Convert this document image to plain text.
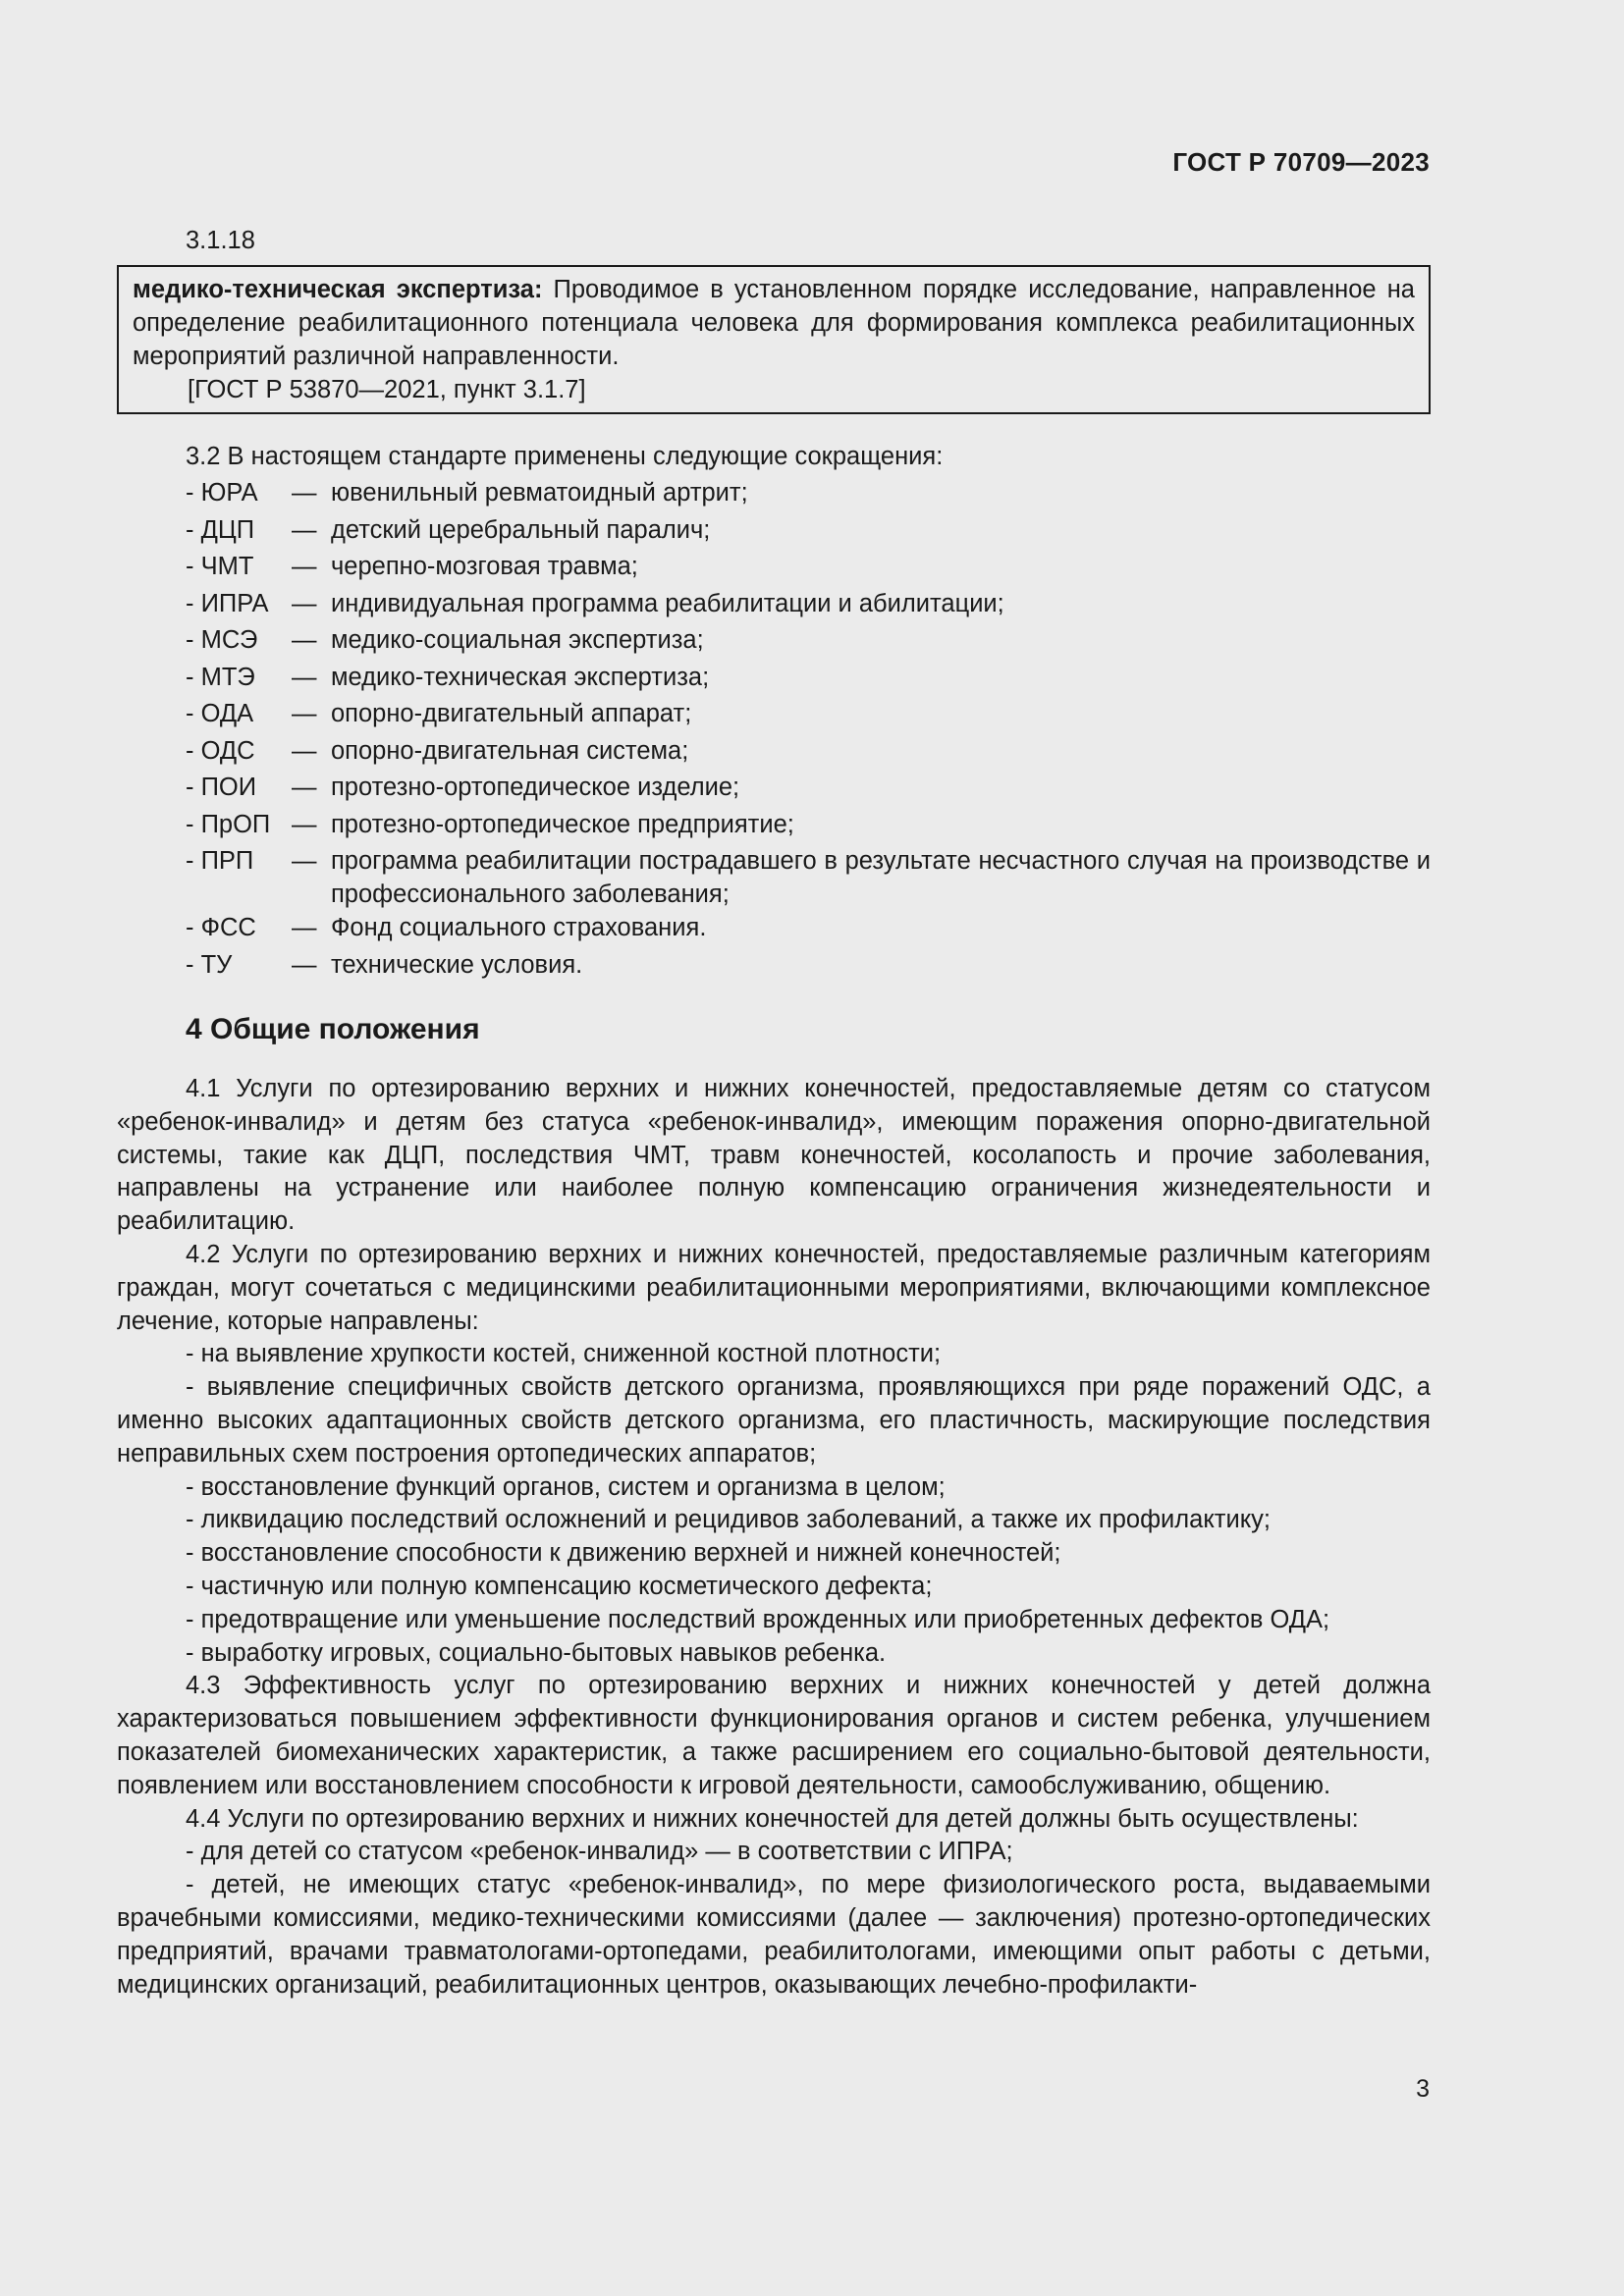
ГОСТ Р 70709—2023
3.1.18
медико-техническая экспертиза: Проводимое в установленном порядке исследование, направленное на определение реабилитационного потенциала человека для формирования комплекса реабилитационных мероприятий различной направленности.
[ГОСТ Р 53870—2021, пункт 3.1.7]
3.2 В настоящем стандарте применены следующие сокращения:
- ЮРА	—	ювенильный ревматоидный артрит;
- ДЦП	—	детский церебральный паралич;
- ЧМТ	—	черепно-мозговая травма;
- ИПРА	—	индивидуальная программа реабилитации и абилитации;
- МСЭ	—	медико-социальная экспертиза;
- МТЭ	—	медико-техническая экспертиза;
- ОДА	—	опорно-двигательный аппарат;
- ОДС	—	опорно-двигательная система;
- ПОИ	—	протезно-ортопедическое изделие;
- ПрОП	—	протезно-ортопедическое предприятие;
- ПРП	—	программа реабилитации пострадавшего в результате несчастного случая на производстве и профессионального заболевания;
- ФСС	—	Фонд социального страхования.
- ТУ	—	технические условия.
4 Общие положения

4.1 Услуги по ортезированию верхних и нижних конечностей, предоставляемые детям со статусом «ребенок-инвалид» и детям без статуса «ребенок-инвалид», имеющим поражения опорно-двигательной системы, такие как ДЦП, последствия ЧМТ, травм конечностей, косолапость и прочие заболевания, направлены на устранение или наиболее полную компенсацию ограничения жизнедеятельности и реабилитацию.

4.2 Услуги по ортезированию верхних и нижних конечностей, предоставляемые различным категориям граждан, могут сочетаться с медицинскими реабилитационными мероприятиями, включающими комплексное лечение, которые направлены:

- на выявление хрупкости костей, сниженной костной плотности;

- выявление специфичных свойств детского организма, проявляющихся при ряде поражений ОДС, а именно высоких адаптационных свойств детского организма, его пластичность, маскирующие последствия неправильных схем построения ортопедических аппаратов;

- восстановление функций органов, систем и организма в целом;

- ликвидацию последствий осложнений и рецидивов заболеваний, а также их профилактику;

- восстановление способности к движению верхней и нижней конечностей;

- частичную или полную компенсацию косметического дефекта;

- предотвращение или уменьшение последствий врожденных или приобретенных дефектов ОДА;

- выработку игровых, социально-бытовых навыков ребенка.

4.3 Эффективность услуг по ортезированию верхних и нижних конечностей у детей должна характеризоваться повышением эффективности функционирования органов и систем ребенка, улучшением показателей биомеханических характеристик, а также расширением его социально-бытовой деятельности, появлением или восстановлением способности к игровой деятельности, самообслуживанию, общению.

4.4 Услуги по ортезированию верхних и нижних конечностей для детей должны быть осуществлены:

- для детей со статусом «ребенок-инвалид» — в соответствии с ИПРА;

- детей, не имеющих статус «ребенок-инвалид», по мере физиологического роста, выдаваемыми врачебными комиссиями, медико-техническими комиссиями (далее — заключения) протезно-ортопедических предприятий, врачами травматологами-ортопедами, реабилитологами, имеющими опыт работы с детьми, медицинских организаций, реабилитационных центров, оказывающих лечебно-профилакти-

3
